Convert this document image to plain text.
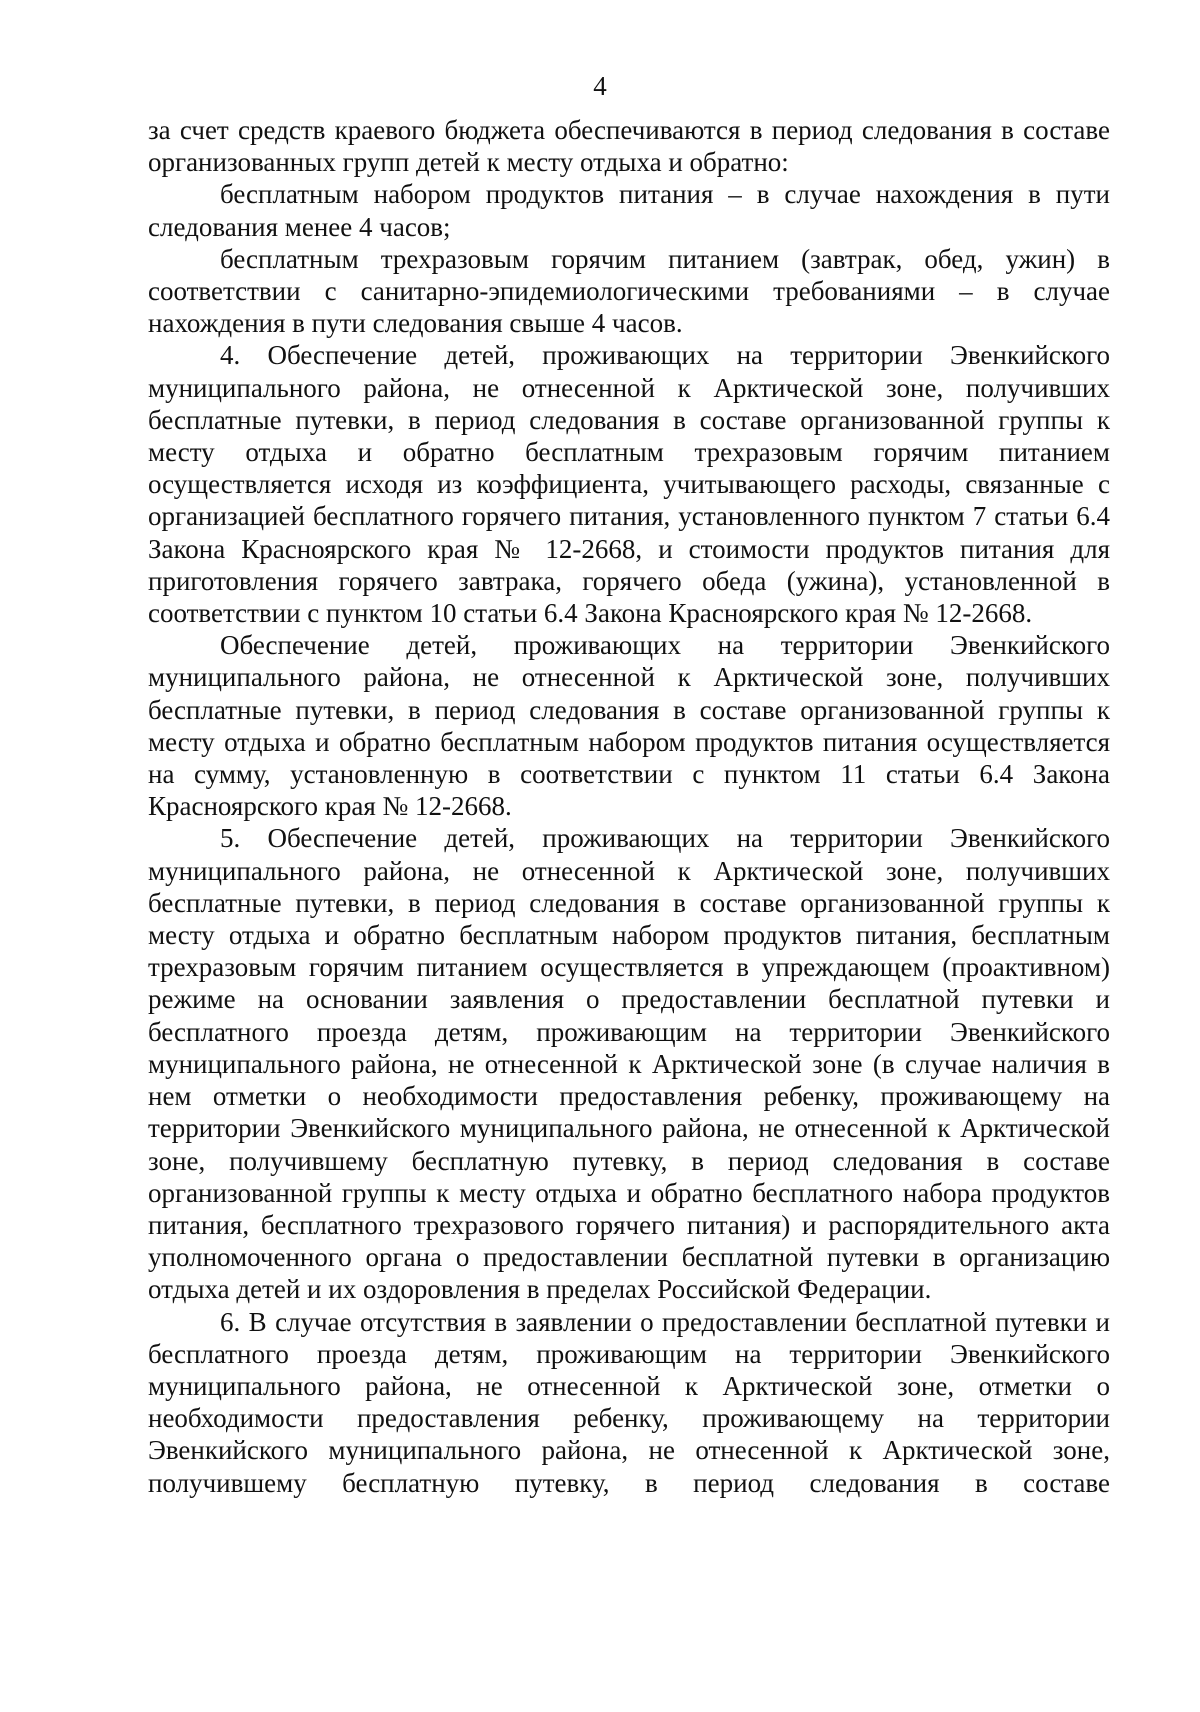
4

за счет средств краевого бюджета обеспечиваются в период следования в составе организованных групп детей к месту отдыха и обратно:

бесплатным набором продуктов питания – в случае нахождения в пути следования менее 4 часов;

бесплатным трехразовым горячим питанием (завтрак, обед, ужин) в соответствии с санитарно-эпидемиологическими требованиями – в случае нахождения в пути следования свыше 4 часов.

4. Обеспечение детей, проживающих на территории Эвенкийского муниципального района, не отнесенной к Арктической зоне, получивших бесплатные путевки, в период следования в составе организованной группы к месту отдыха и обратно бесплатным трехразовым горячим питанием осуществляется исходя из коэффициента, учитывающего расходы, связанные с организацией бесплатного горячего питания, установленного пунктом 7 статьи 6.4 Закона Красноярского края № 12-2668, и стоимости продуктов питания для приготовления горячего завтрака, горячего обеда (ужина), установленной в соответствии с пунктом 10 статьи 6.4 Закона Красноярского края № 12-2668.

Обеспечение детей, проживающих на территории Эвенкийского муниципального района, не отнесенной к Арктической зоне, получивших бесплатные путевки, в период следования в составе организованной группы к месту отдыха и обратно бесплатным набором продуктов питания осуществляется на сумму, установленную в соответствии с пунктом 11 статьи 6.4 Закона Красноярского края № 12-2668.

5. Обеспечение детей, проживающих на территории Эвенкийского муниципального района, не отнесенной к Арктической зоне, получивших бесплатные путевки, в период следования в составе организованной группы к месту отдыха и обратно бесплатным набором продуктов питания, бесплатным трехразовым горячим питанием осуществляется в упреждающем (проактивном) режиме на основании заявления о предоставлении бесплатной путевки и бесплатного проезда детям, проживающим на территории Эвенкийского муниципального района, не отнесенной к Арктической зоне (в случае наличия в нем отметки о необходимости предоставления ребенку, проживающему на территории Эвенкийского муниципального района, не отнесенной к Арктической зоне, получившему бесплатную путевку, в период следования в составе организованной группы к месту отдыха и обратно бесплатного набора продуктов питания, бесплатного трехразового горячего питания) и распорядительного акта уполномоченного органа о предоставлении бесплатной путевки в организацию отдыха детей и их оздоровления в пределах Российской Федерации.

6. В случае отсутствия в заявлении о предоставлении бесплатной путевки и бесплатного проезда детям, проживающим на территории Эвенкийского муниципального района, не отнесенной к Арктической зоне, отметки о необходимости предоставления ребенку, проживающему на территории Эвенкийского муниципального района, не отнесенной к Арктической зоне, получившему бесплатную путевку, в период следования в составе
